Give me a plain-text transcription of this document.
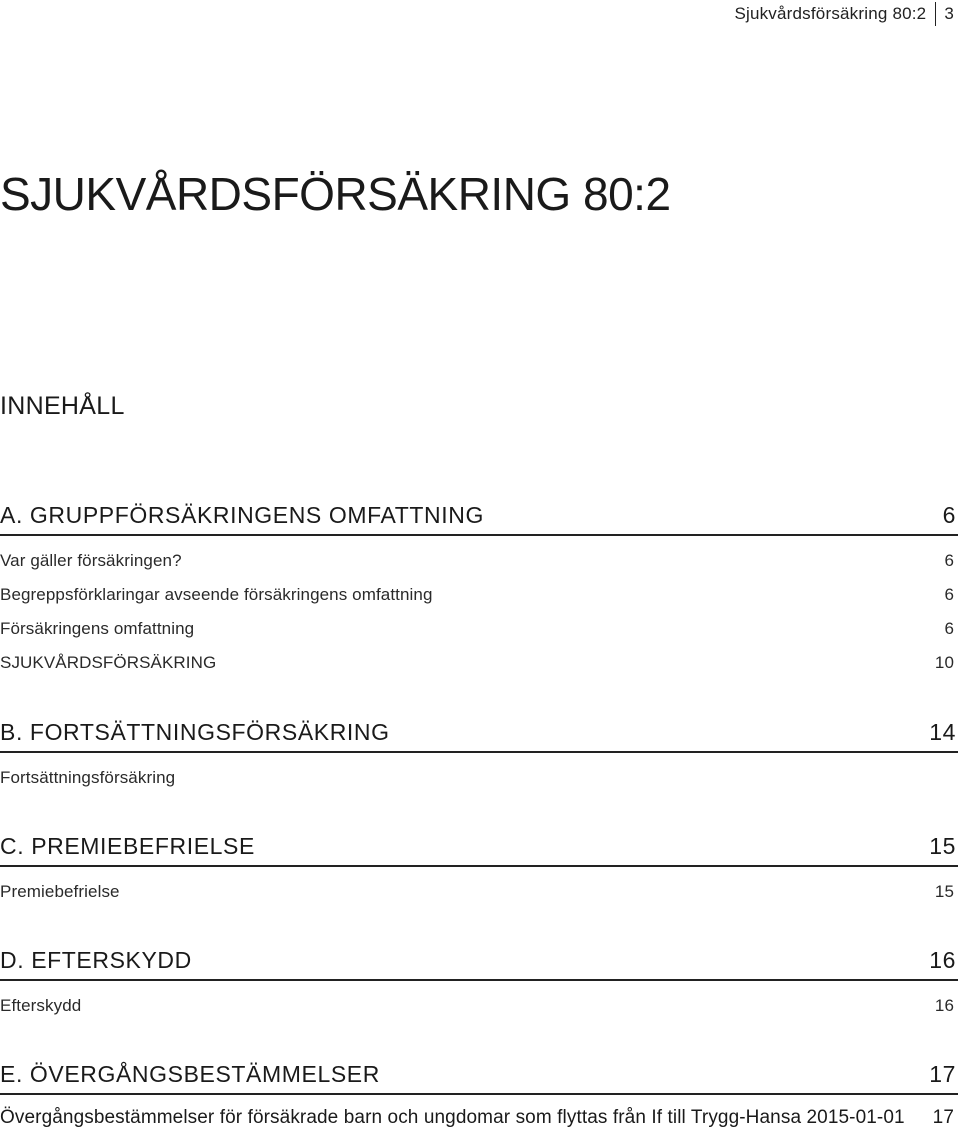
Sjukvårdsförsäkring 80:2 3
SJUKVÅRDSFÖRSÄKRING 80:2
INNEHÅLL
A. GRUPPFÖRSÄKRINGENS OMFATTNING	6
Var gäller försäkringen?	6
Begreppsförklaringar avseende försäkringens omfattning	6
Försäkringens omfattning	6
SJUKVÅRDSFÖRSÄKRING	10
B. FORTSÄTTNINGSFÖRSÄKRING	14
Fortsättningsförsäkring
C. PREMIEBEFRIELSE	15
Premiebefrielse	15
D. EFTERSKYDD	16
Efterskydd	16
E. ÖVERGÅNGSBESTÄMMELSER	17
Övergångsbestämmelser för försäkrade barn och ungdomar som flyttas från If till Trygg-Hansa 2015-01-01 17
